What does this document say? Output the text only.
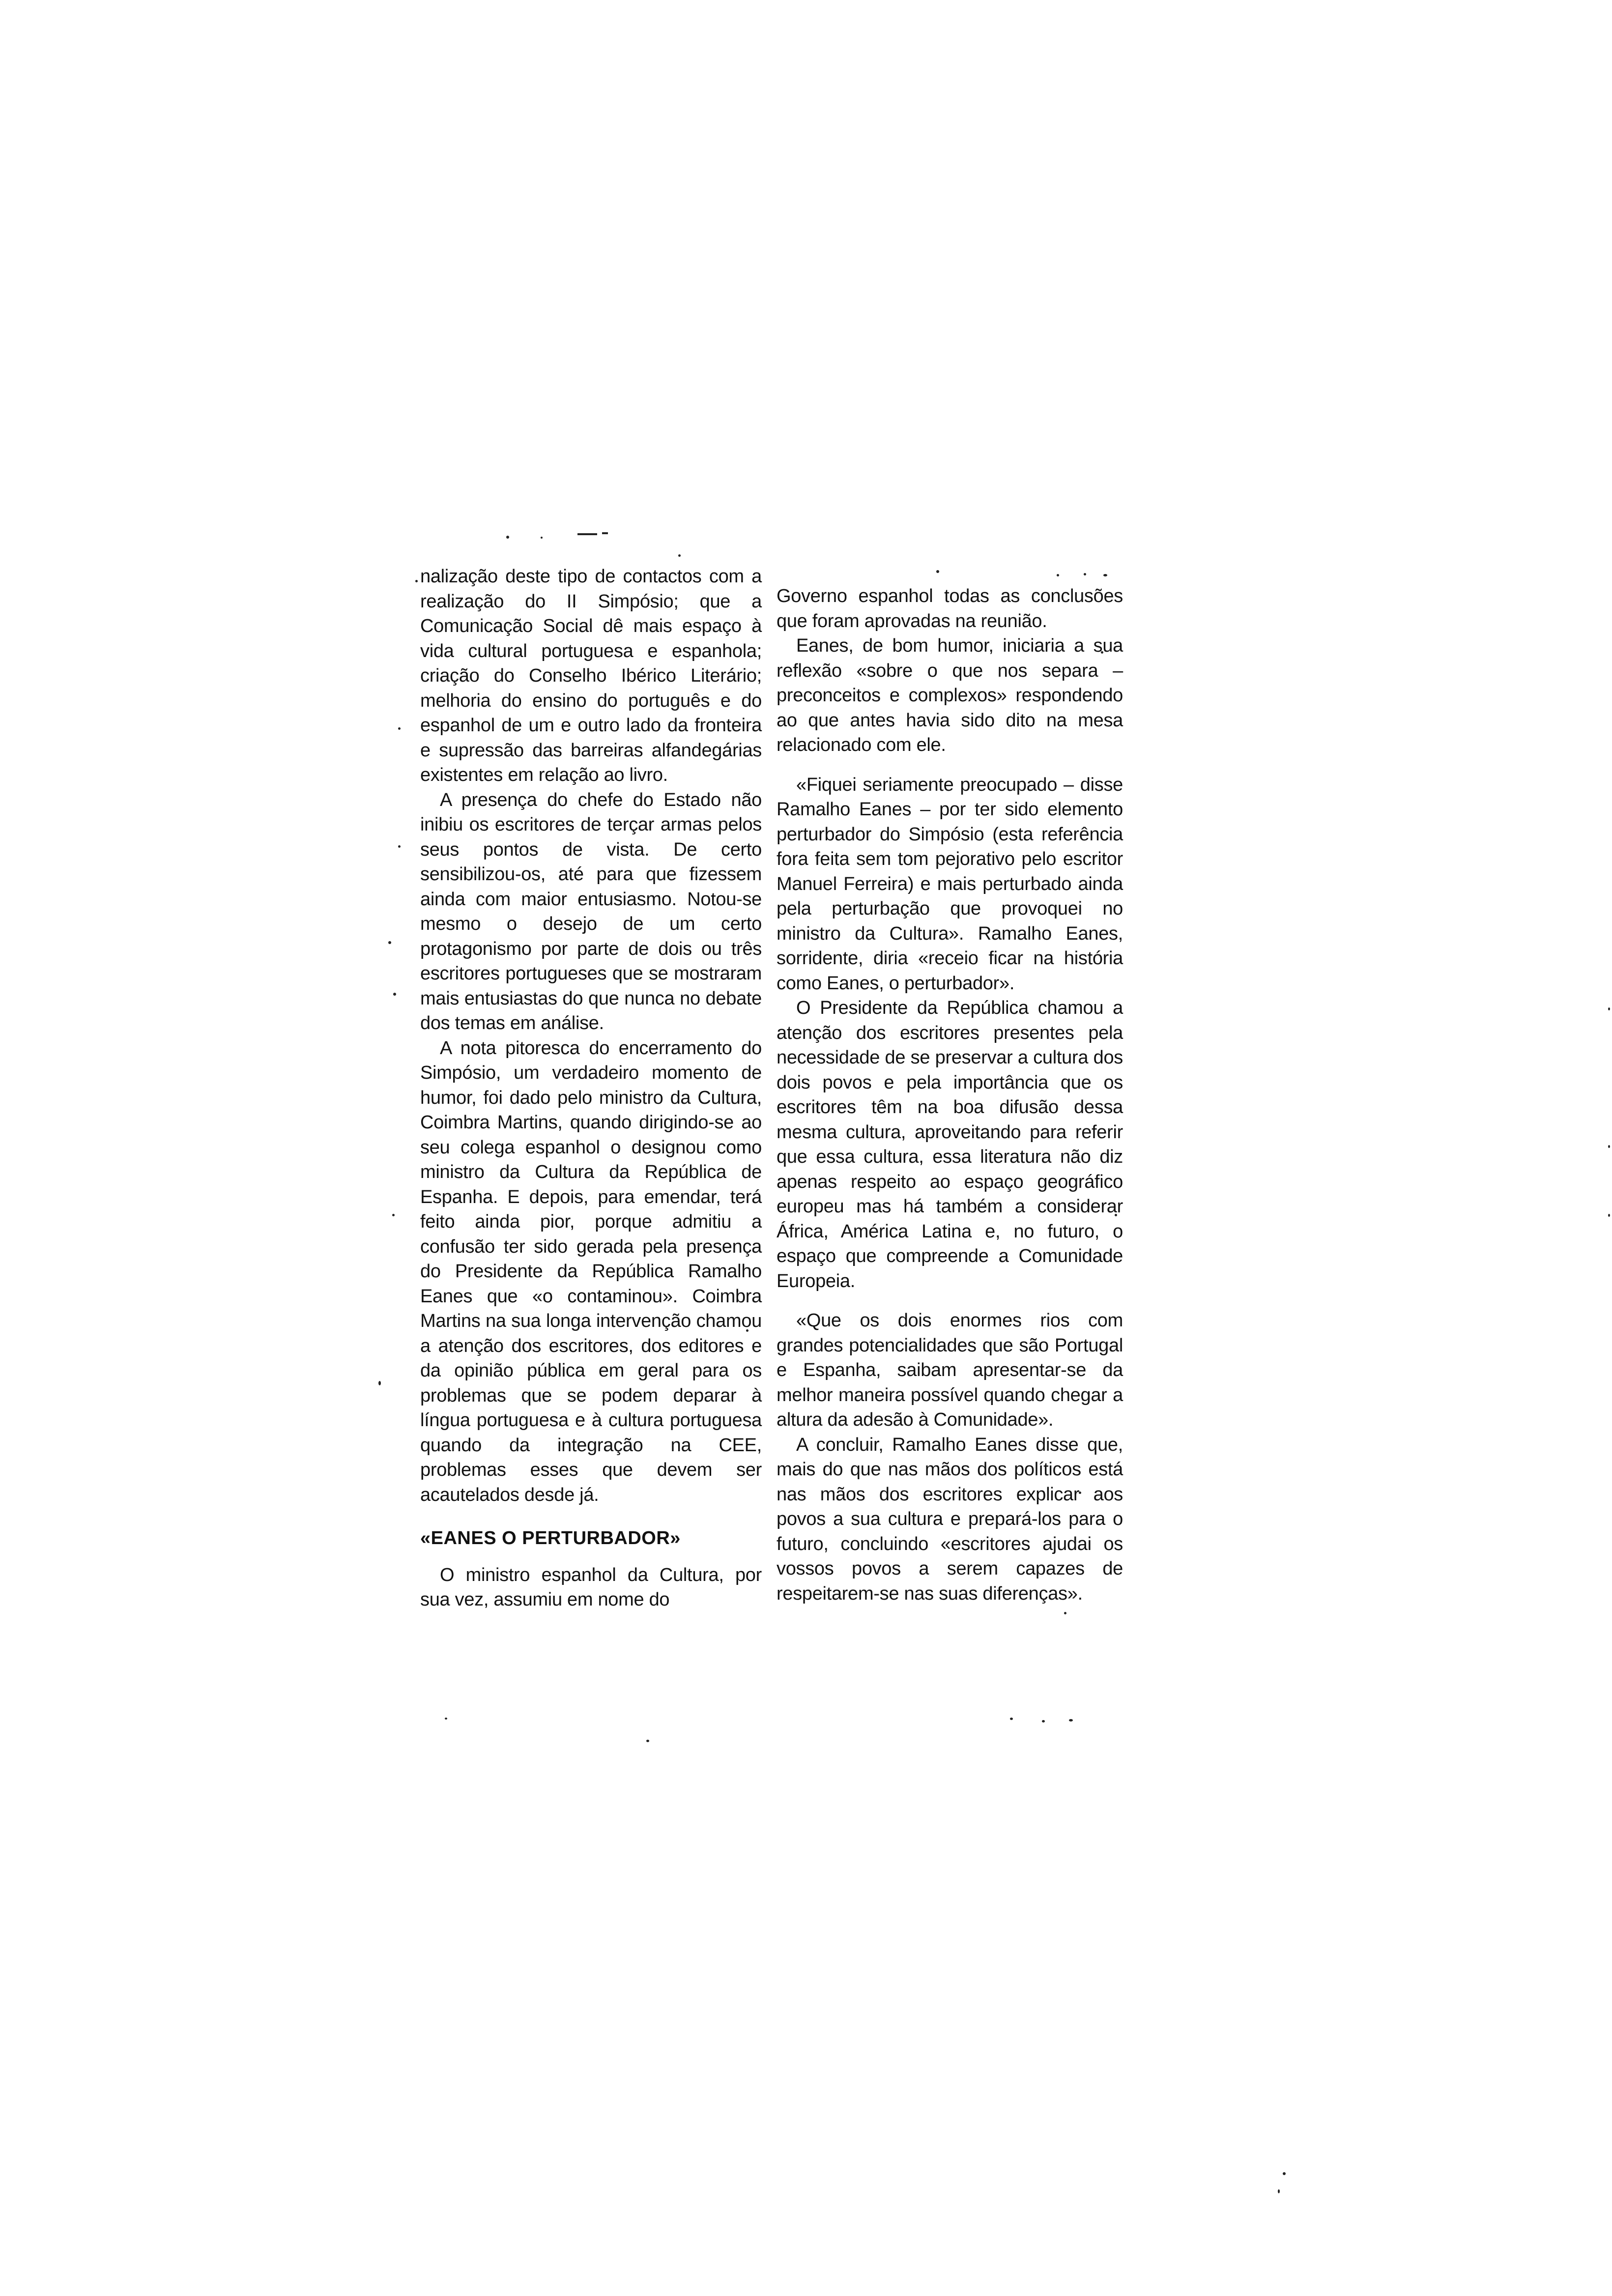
nalização deste tipo de contactos com a realização do II Simpósio; que a Comunicação Social dê mais espaço à vida cultural portuguesa e espanhola; criação do Conselho Ibérico Literário; melhoria do ensino do português e do espanhol de um e outro lado da fronteira e supressão das barreiras alfandegárias existentes em relação ao livro.

A presença do chefe do Estado não inibiu os escritores de terçar armas pelos seus pontos de vista. De certo sensibilizou-os, até para que fizessem ainda com maior entusiasmo. Notou-se mesmo o desejo de um certo protagonismo por parte de dois ou três escritores portugueses que se mostraram mais entusiastas do que nunca no debate dos temas em análise.

A nota pitoresca do encerramento do Simpósio, um verdadeiro momento de humor, foi dado pelo ministro da Cultura, Coimbra Martins, quando dirigindo-se ao seu colega espanhol o designou como ministro da Cultura da República de Espanha. E depois, para emendar, terá feito ainda pior, porque admitiu a confusão ter sido gerada pela presença do Presidente da República Ramalho Eanes que «o contaminou». Coimbra Martins na sua longa intervenção chamou a atenção dos escritores, dos editores e da opinião pública em geral para os problemas que se podem deparar à língua portuguesa e à cultura portuguesa quando da integração na CEE, problemas esses que devem ser acautelados desde já.

«EANES O PERTURBADOR»

O ministro espanhol da Cultura, por sua vez, assumiu em nome do

Governo espanhol todas as conclusões que foram aprovadas na reunião.

Eanes, de bom humor, iniciaria a sua reflexão «sobre o que nos separa – preconceitos e complexos» respondendo ao que antes havia sido dito na mesa relacionado com ele.

«Fiquei seriamente preocupado – disse Ramalho Eanes – por ter sido elemento perturbador do Simpósio (esta referência fora feita sem tom pejorativo pelo escritor Manuel Ferreira) e mais perturbado ainda pela perturbação que provoquei no ministro da Cultura». Ramalho Eanes, sorridente, diria «receio ficar na história como Eanes, o perturbador».

O Presidente da República chamou a atenção dos escritores presentes pela necessidade de se preservar a cultura dos dois povos e pela importância que os escritores têm na boa difusão dessa mesma cultura, aproveitando para referir que essa cultura, essa literatura não diz apenas respeito ao espaço geográfico europeu mas há também a considerar África, América Latina e, no futuro, o espaço que compreende a Comunidade Europeia.

«Que os dois enormes rios com grandes potencialidades que são Portugal e Espanha, saibam apresentar-se da melhor maneira possível quando chegar a altura da adesão à Comunidade».

A concluir, Ramalho Eanes disse que, mais do que nas mãos dos políticos está nas mãos dos escritores explicar aos povos a sua cultura e prepará-los para o futuro, concluindo «escritores ajudai os vossos povos a serem capazes de respeitarem-se nas suas diferenças».
